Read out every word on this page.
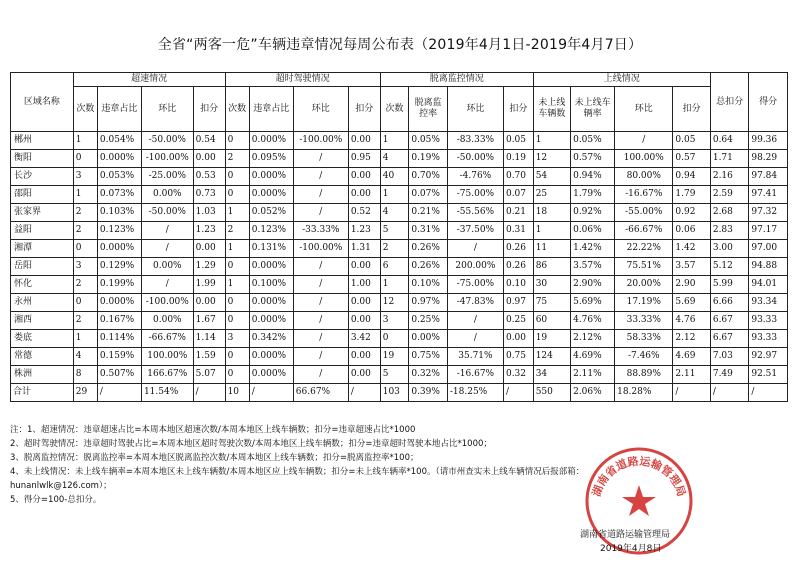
全省“两客一危”车辆违章情况每周公布表（2019年4月1日-2019年4月7日）
区域名称	超速情况				超时驾驶情况				脱离监控情况				上线情况				总扣分	得分
	次数	违章占比	环比	扣分	次数	违章占比	环比	扣分	次数	脱离监控率	环比	扣分	未上线车辆数	未上线车辆率	环比	扣分		
郴州	1	0.054%	-50.00%	0.54	0	0.000%	-100.00%	0.00	1	0.05%	-83.33%	0.05	1	0.05%	/	0.05	0.64	99.36
衡阳	0	0.000%	-100.00%	0.00	2	0.095%	/	0.95	4	0.19%	-50.00%	0.19	12	0.57%	100.00%	0.57	1.71	98.29
长沙	3	0.053%	-25.00%	0.53	0	0.000%	/	0.00	40	0.70%	-4.76%	0.70	54	0.94%	80.00%	0.94	2.16	97.84
邵阳	1	0.073%	0.00%	0.73	0	0.000%	/	0.00	1	0.07%	-75.00%	0.07	25	1.79%	-16.67%	1.79	2.59	97.41
张家界	2	0.103%	-50.00%	1.03	1	0.052%	/	0.52	4	0.21%	-55.56%	0.21	18	0.92%	-55.00%	0.92	2.68	97.32
益阳	2	0.123%	/	1.23	2	0.123%	-33.33%	1.23	5	0.31%	-37.50%	0.31	1	0.06%	-66.67%	0.06	2.83	97.17
湘潭	0	0.000%	/	0.00	1	0.131%	-100.00%	1.31	2	0.26%	/	0.26	11	1.42%	22.22%	1.42	3.00	97.00
岳阳	3	0.129%	0.00%	1.29	0	0.000%	/	0.00	6	0.26%	200.00%	0.26	86	3.57%	75.51%	3.57	5.12	94.88
怀化	2	0.199%	/	1.99	1	0.100%	/	1.00	1	0.10%	-75.00%	0.10	30	2.90%	20.00%	2.90	5.99	94.01
永州	0	0.000%	-100.00%	0.00	0	0.000%	/	0.00	12	0.97%	-47.83%	0.97	75	5.69%	17.19%	5.69	6.66	93.34
湘西	2	0.167%	0.00%	1.67	0	0.000%	/	0.00	3	0.25%	/	0.25	60	4.76%	33.33%	4.76	6.67	93.33
娄底	1	0.114%	-66.67%	1.14	3	0.342%	/	3.42	0	0.00%	/	0.00	19	2.12%	58.33%	2.12	6.67	93.33
常德	4	0.159%	100.00%	1.59	0	0.000%	/	0.00	19	0.75%	35.71%	0.75	124	4.69%	-7.46%	4.69	7.03	92.97
株洲	8	0.507%	166.67%	5.07	0	0.000%	/	0.00	5	0.32%	-16.67%	0.32	34	2.11%	88.89%	2.11	7.49	92.51
合计	29	/	11.54%	/	10	/	66.67%	/	103	0.39%	-18.25%	/	550	2.06%	18.28%	/	/	/
注：1、超速情况：违章超速占比=本周本地区超速次数/本周本地区上线车辆数；扣分=违章超速占比*1000
2、超时驾驶情况：违章超时驾驶占比=本周本地区超时驾驶次数/本周本地区上线车辆数；扣分=违章超时驾驶本地占比*1000；
3、脱离监控情况：脱离监控率=本周本地区脱离监控次数/本周本地区上线车辆数；扣分=脱离监控率*100；
4、未上线情况：未上线车辆率=本周本地区未上线车辆数/本周本地区应上线车辆数；扣分=未上线车辆率*100。（请市州查实未上线车辆情况后报部箱：
hunanlwlk@126.com）；
5、得分=100-总扣分。
湖南省道路运输管理局
湖南省道路运输管理局
2019年4月8日
